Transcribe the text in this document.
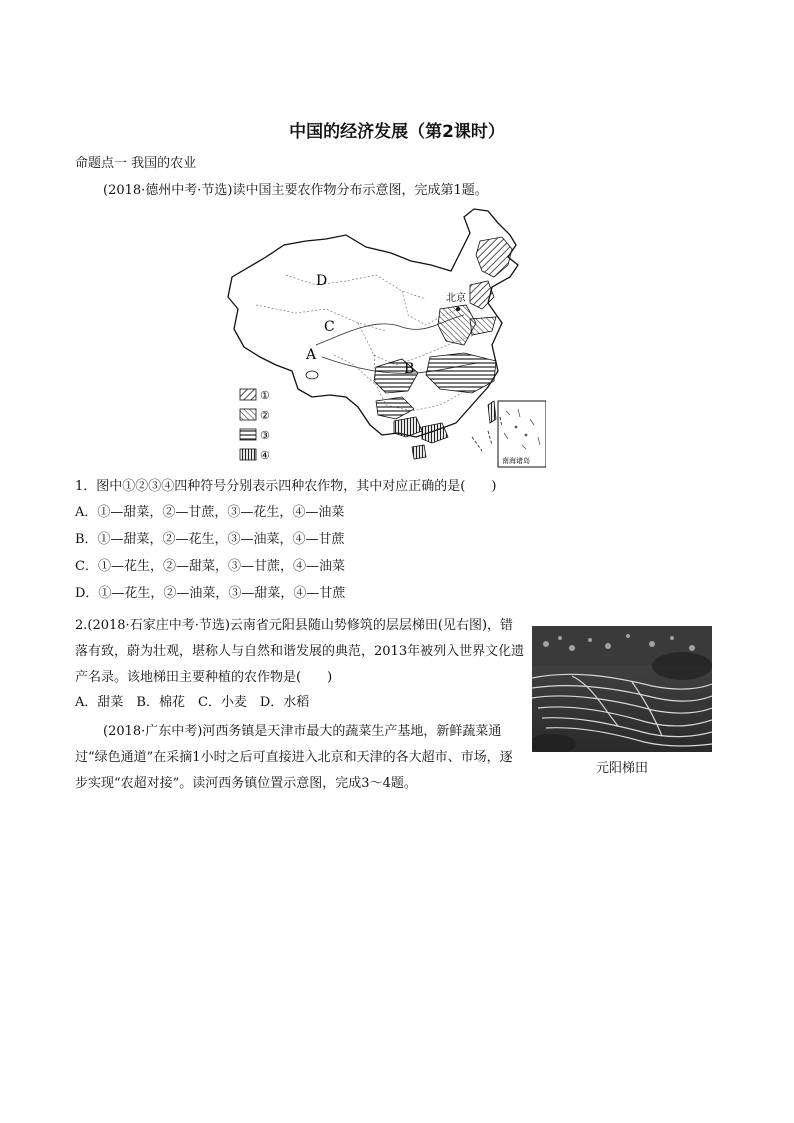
中国的经济发展（第2课时）
命题点一 我国的农业
(2018·德州中考·节选)读中国主要农作物分布示意图，完成第1题。
D
C
A
B
北京
①
②
③
④	南海诸岛
1．图中①②③④四种符号分别表示四种农作物，其中对应正确的是(　　)
A．①—甜菜，②—甘蔗，③—花生，④—油菜
B．①—甜菜，②—花生，③—油菜，④—甘蔗
C．①—花生，②—甜菜，③—甘蔗，④—油菜
D．①—花生，②—油菜，③—甜菜，④—甘蔗
2.(2018·石家庄中考·节选)云南省元阳县随山势修筑的层层梯田(见右图)，错落有致，蔚为壮观，堪称人与自然和谐发展的典范，2013年被列入世界文化遗产名录。该地梯田主要种植的农作物是(　　)
A．甜菜　B．棉花　C．小麦　D．水稻
(2018·广东中考)河西务镇是天津市最大的蔬菜生产基地，新鲜蔬菜通过“绿色通道”在采摘1小时之后可直接进入北京和天津的各大超市、市场，逐步实现“农超对接”。读河西务镇位置示意图，完成3～4题。
元阳梯田
